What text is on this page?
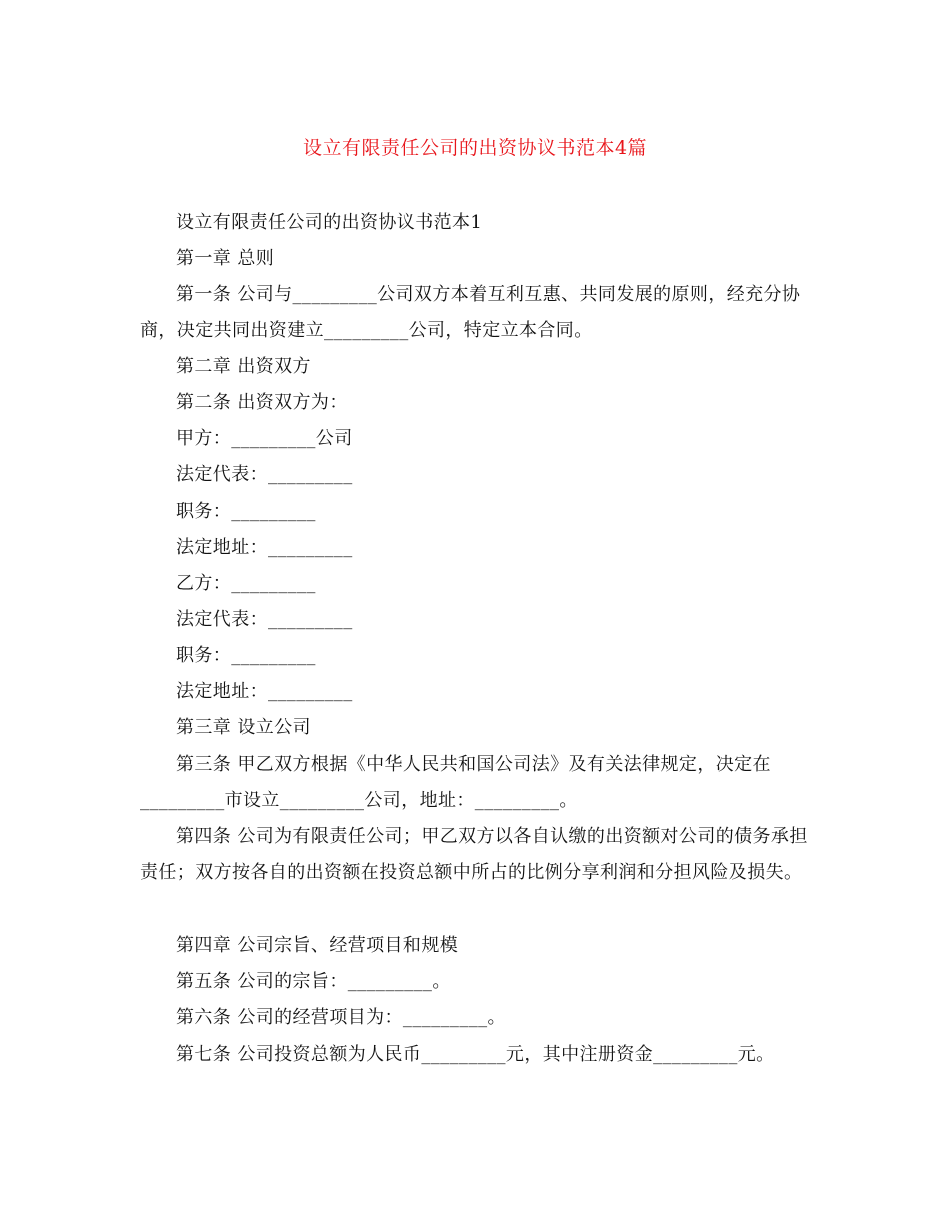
设立有限责任公司的出资协议书范本4篇
设立有限责任公司的出资协议书范本1
第一章 总则
第一条 公司与_________公司双方本着互利互惠、共同发展的原则，经充分协商，决定共同出资建立_________公司，特定立本合同。
第二章 出资双方
第二条 出资双方为：
甲方：_________公司
法定代表：_________
职务：_________
法定地址：_________
乙方：_________
法定代表：_________
职务：_________
法定地址：_________
第三章 设立公司
第三条 甲乙双方根据《中华人民共和国公司法》及有关法律规定，决定在_________市设立_________公司，地址：_________。
第四条 公司为有限责任公司；甲乙双方以各自认缴的出资额对公司的债务承担责任；双方按各自的出资额在投资总额中所占的比例分享利润和分担风险及损失。
第四章 公司宗旨、经营项目和规模
第五条 公司的宗旨：_________。
第六条 公司的经营项目为：_________。
第七条 公司投资总额为人民币_________元，其中注册资金_________元。
